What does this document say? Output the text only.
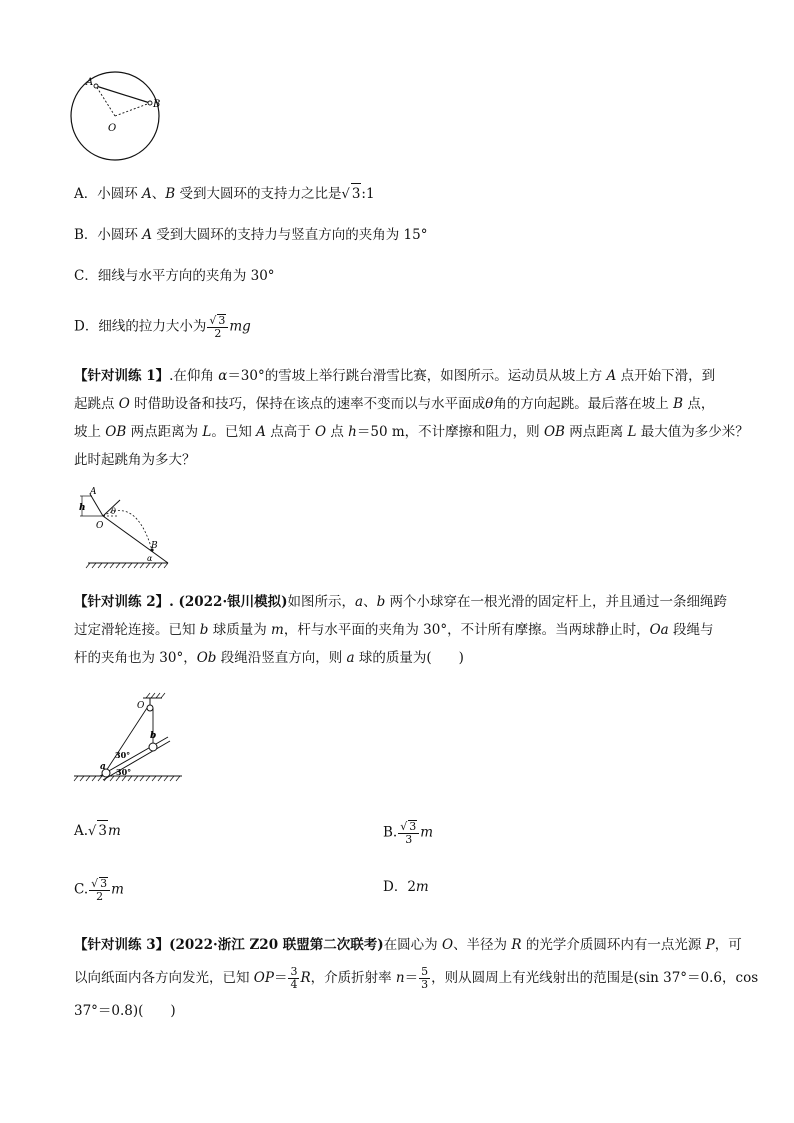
A
B
O
A．小圆环 A、B 受到大圆环的支持力之比是√ 3:1
B．小圆环 A 受到大圆环的支持力与竖直方向的夹角为 15°
C．细线与水平方向的夹角为 30°
D．细线的拉力大小为 $\frac{√ 3}{2}$ mg
【针对训练 1】.在仰角 α＝30°的雪坡上举行跳台滑雪比赛，如图所示。运动员从坡上方 A 点开始下滑，到
起跳点 O 时借助设备和技巧，保持在该点的速率不变而以与水平面成θ角的方向起跳。最后落在坡上 B 点，
坡上 OB 两点距离为 L。已知 A 点高于 O 点 h＝50 m，不计摩擦和阻力，则 OB 两点距离 L 最大值为多少米？
此时起跳角为多大？
A
h
O
θ
B
α
【针对训练 2】. (2022·银川模拟)如图所示，a、b 两个小球穿在一根光滑的固定杆上，并且通过一条细绳跨
过定滑轮连接。已知 b 球质量为 m，杆与水平面的夹角为 30°，不计所有摩擦。当两球静止时，Oa 段绳与
杆的夹角也为 30°，Ob 段绳沿竖直方向，则 a 球的质量为(　　)
O
b
a
30°
30°
A.√ 3m	B. $\frac{√ 3}{3}$ m
C. $\frac{√ 3}{2}$ m	D．2m
【针对训练 3】(2022·浙江 Z20 联盟第二次联考)在圆心为 O、半径为 R 的光学介质圆环内有一点光源 P，可
以向纸面内各方向发光，已知 $OP= \frac{3}{4}$ R，介质折射率 $n= \frac{5}{3}$ ，则从圆周上有光线射出的范围是(sin 37°＝0.6，cos
37°＝0.8)(　　)
